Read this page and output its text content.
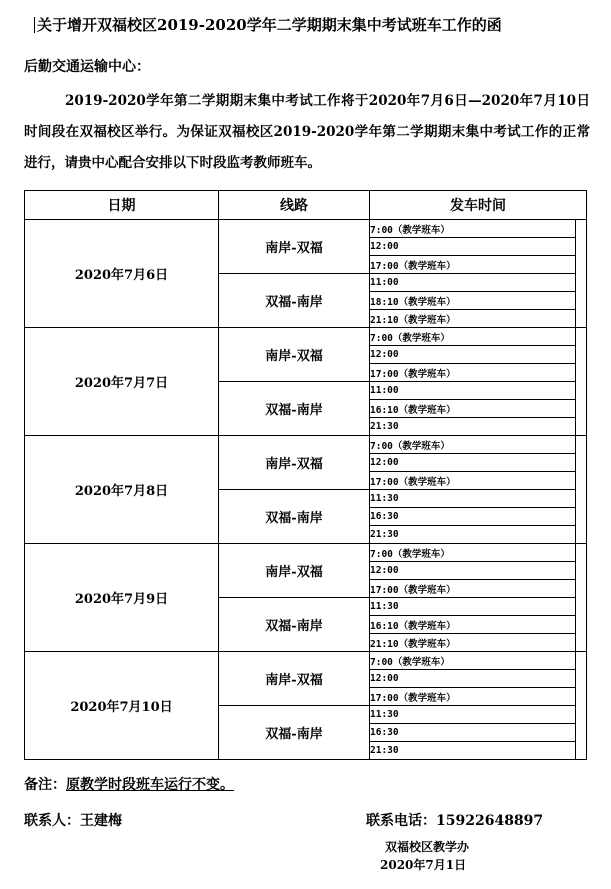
关于增开双福校区2019-2020学年二学期期末集中考试班车工作的函
后勤交通运输中心：
2019-2020学年第二学期期末集中考试工作将于2020年7月6日—2020年7月10日时间段在双福校区举行。为保证双福校区2019-2020学年第二学期期末集中考试工作的正常进行，请贵中心配合安排以下时段监考教师班车。
日期	线路	发车时间	
2020年7月6日	南岸-双福	7:00（教学班车）	
		12:00	
		17:00（教学班车）	
	双福-南岸	11:00	
		18:10（教学班车）	
		21:10（教学班车）	
2020年7月7日	南岸-双福	7:00（教学班车）	
		12:00	
		17:00（教学班车）	
	双福-南岸	11:00	
		16:10（教学班车）	
		21:30	
2020年7月8日	南岸-双福	7:00（教学班车）	
		12:00	
		17:00（教学班车）	
	双福-南岸	11:30	
		16:30	
		21:30	
2020年7月9日	南岸-双福	7:00（教学班车）	
		12:00	
		17:00（教学班车）	
	双福-南岸	11:30	
		16:10（教学班车）	
		21:10（教学班车）	
2020年7月10日	南岸-双福	7:00（教学班车）	
		12:00	
		17:00（教学班车）	
	双福-南岸	11:30	
		16:30	
		21:30	
备注：原教学时段班车运行不变。
联系人：王建梅	联系电话：15922648897
双福校区教学办
2020年7月1日
